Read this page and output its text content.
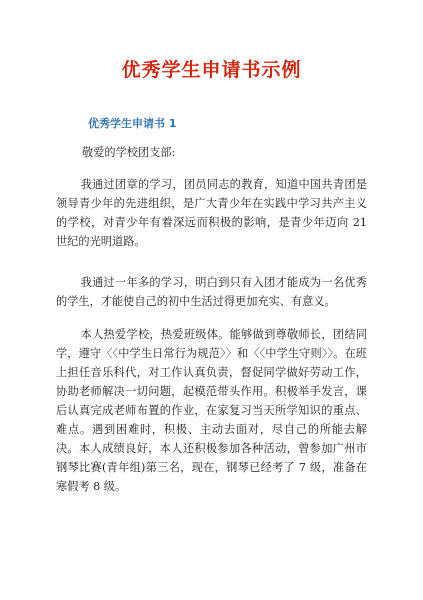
优秀学生申请书示例
优秀学生申请书 1
敬爱的学校团支部:

我通过团章的学习，团员同志的教育，知道中国共青团是领导青少年的先进组织，是广大青少年在实践中学习共产主义的学校，对青少年有着深远而积极的影响，是青少年迈向 21 世纪的光明道路。

我通过一年多的学习，明白到只有入团才能成为一名优秀的学生，才能使自己的初中生活过得更加充实、有意义。

本人热爱学校，热爱班级体。能够做到尊敬师长，团结同学，遵守〈〈中学生日常行为规范〉〉和〈〈中学生守则〉〉。在班上担任音乐科代，对工作认真负责，督促同学做好劳动工作，协助老师解决一切问题，起模范带头作用。积极举手发言，课后认真完成老师布置的作业，在家复习当天所学知识的重点、难点。遇到困难时，积极、主动去面对，尽自己的所能去解决。本人成绩良好，本人还积极参加各种活动，曾参加广州市钢琴比赛(青年组)第三名，现在，钢琴已经考了 7 级，准备在寒假考 8 级。
